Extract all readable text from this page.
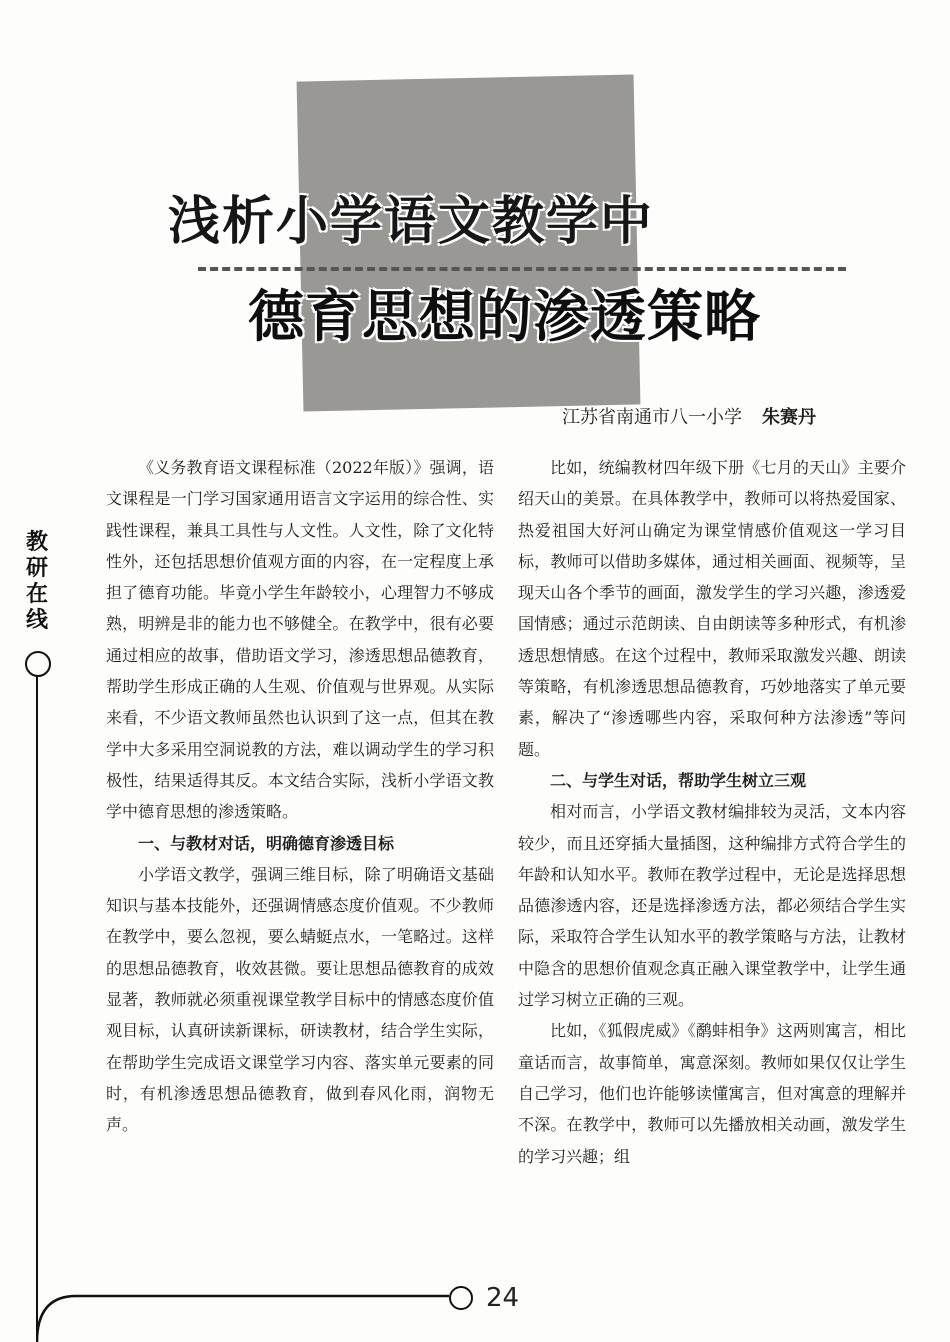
浅析小学语文教学中
德育思想的渗透策略
江苏省南通市八一小学 朱赛丹
教研在线
24

《义务教育语文课程标准（2022年版）》强调，语文课程是一门学习国家通用语言文字运用的综合性、实践性课程，兼具工具性与人文性。人文性，除了文化特性外，还包括思想价值观方面的内容，在一定程度上承担了德育功能。毕竟小学生年龄较小，心理智力不够成熟，明辨是非的能力也不够健全。在教学中，很有必要通过相应的故事，借助语文学习，渗透思想品德教育，帮助学生形成正确的人生观、价值观与世界观。从实际来看，不少语文教师虽然也认识到了这一点，但其在教学中大多采用空洞说教的方法，难以调动学生的学习积极性，结果适得其反。本文结合实际，浅析小学语文教学中德育思想的渗透策略。

一、与教材对话，明确德育渗透目标

小学语文教学，强调三维目标，除了明确语文基础知识与基本技能外，还强调情感态度价值观。不少教师在教学中，要么忽视，要么蜻蜓点水，一笔略过。这样的思想品德教育，收效甚微。要让思想品德教育的成效显著，教师就必须重视课堂教学目标中的情感态度价值观目标，认真研读新课标，研读教材，结合学生实际，在帮助学生完成语文课堂学习内容、落实单元要素的同时，有机渗透思想品德教育，做到春风化雨，润物无声。

比如，统编教材四年级下册《七月的天山》主要介绍天山的美景。在具体教学中，教师可以将热爱国家、热爱祖国大好河山确定为课堂情感价值观这一学习目标，教师可以借助多媒体，通过相关画面、视频等，呈现天山各个季节的画面，激发学生的学习兴趣，渗透爱国情感；通过示范朗读、自由朗读等多种形式，有机渗透思想情感。在这个过程中，教师采取激发兴趣、朗读等策略，有机渗透思想品德教育，巧妙地落实了单元要素，解决了“渗透哪些内容，采取何种方法渗透”等问题。

二、与学生对话，帮助学生树立三观

相对而言，小学语文教材编排较为灵活，文本内容较少，而且还穿插大量插图，这种编排方式符合学生的年龄和认知水平。教师在教学过程中，无论是选择思想品德渗透内容，还是选择渗透方法，都必须结合学生实际，采取符合学生认知水平的教学策略与方法，让教材中隐含的思想价值观念真正融入课堂教学中，让学生通过学习树立正确的三观。

比如，《狐假虎威》《鹬蚌相争》这两则寓言，相比童话而言，故事简单，寓意深刻。教师如果仅仅让学生自己学习，他们也许能够读懂寓言，但对寓意的理解并不深。在教学中，教师可以先播放相关动画，激发学生的学习兴趣；组
